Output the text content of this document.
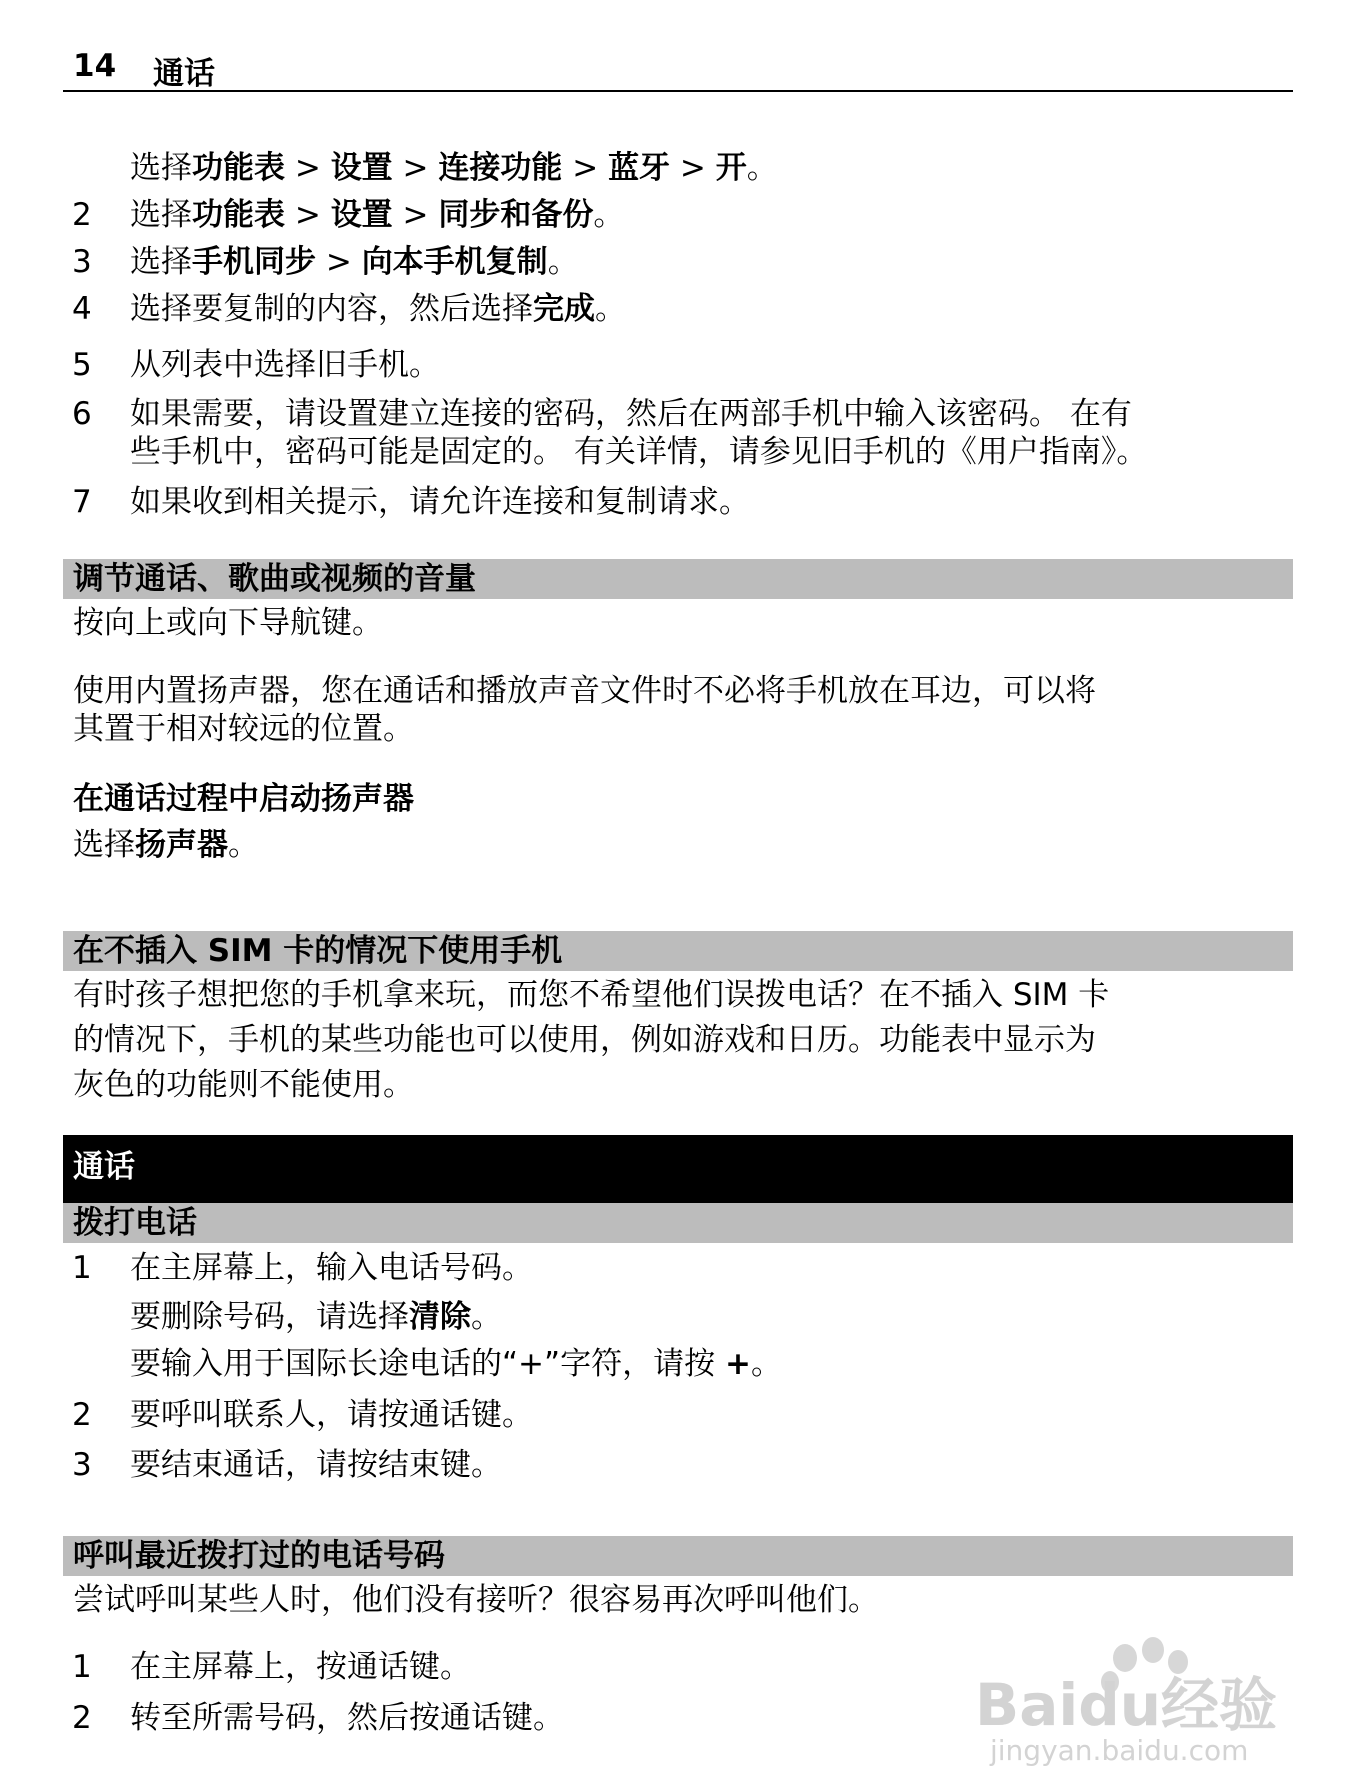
14 通话
选择功能表 > 设置 > 连接功能 > 蓝牙 > 开。
2 选择功能表 > 设置 > 同步和备份。
3 选择手机同步 > 向本手机复制。
4 选择要复制的内容，然后选择完成。
5 从列表中选择旧手机。
6 如果需要，请设置建立连接的密码，然后在两部手机中输入该密码。 在有
些手机中，密码可能是固定的。 有关详情，请参见旧手机的《用户指南》。
7 如果收到相关提示，请允许连接和复制请求。
调节通话、歌曲或视频的音量
按向上或向下导航键。
使用内置扬声器，您在通话和播放声音文件时不必将手机放在耳边，可以将
其置于相对较远的位置。
在通话过程中启动扬声器
选择扬声器。
在不插入 SIM 卡的情况下使用手机
有时孩子想把您的手机拿来玩，而您不希望他们误拨电话？在不插入 SIM 卡
的情况下，手机的某些功能也可以使用，例如游戏和日历。功能表中显示为
灰色的功能则不能使用。
通话
拨打电话
1 在主屏幕上，输入电话号码。
要删除号码，请选择清除。
要输入用于国际长途电话的“+”字符，请按 +。
2 要呼叫联系人，请按通话键。
3 要结束通话，请按结束键。
呼叫最近拨打过的电话号码
尝试呼叫某些人时，他们没有接听？很容易再次呼叫他们。
1 在主屏幕上，按通话键。
2 转至所需号码，然后按通话键。	Baidu经验
jingyan.baidu.com
